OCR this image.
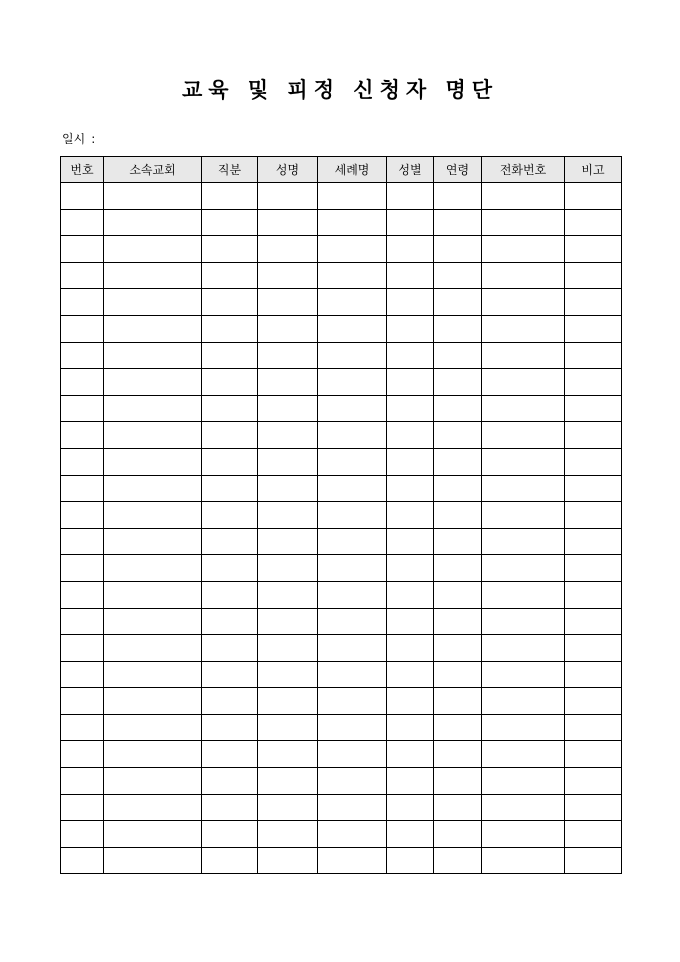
교육 및 피정 신청자 명단
일시 :
번호	소속교회	직분	성명	세례명	성별	연령	전화번호	비고
